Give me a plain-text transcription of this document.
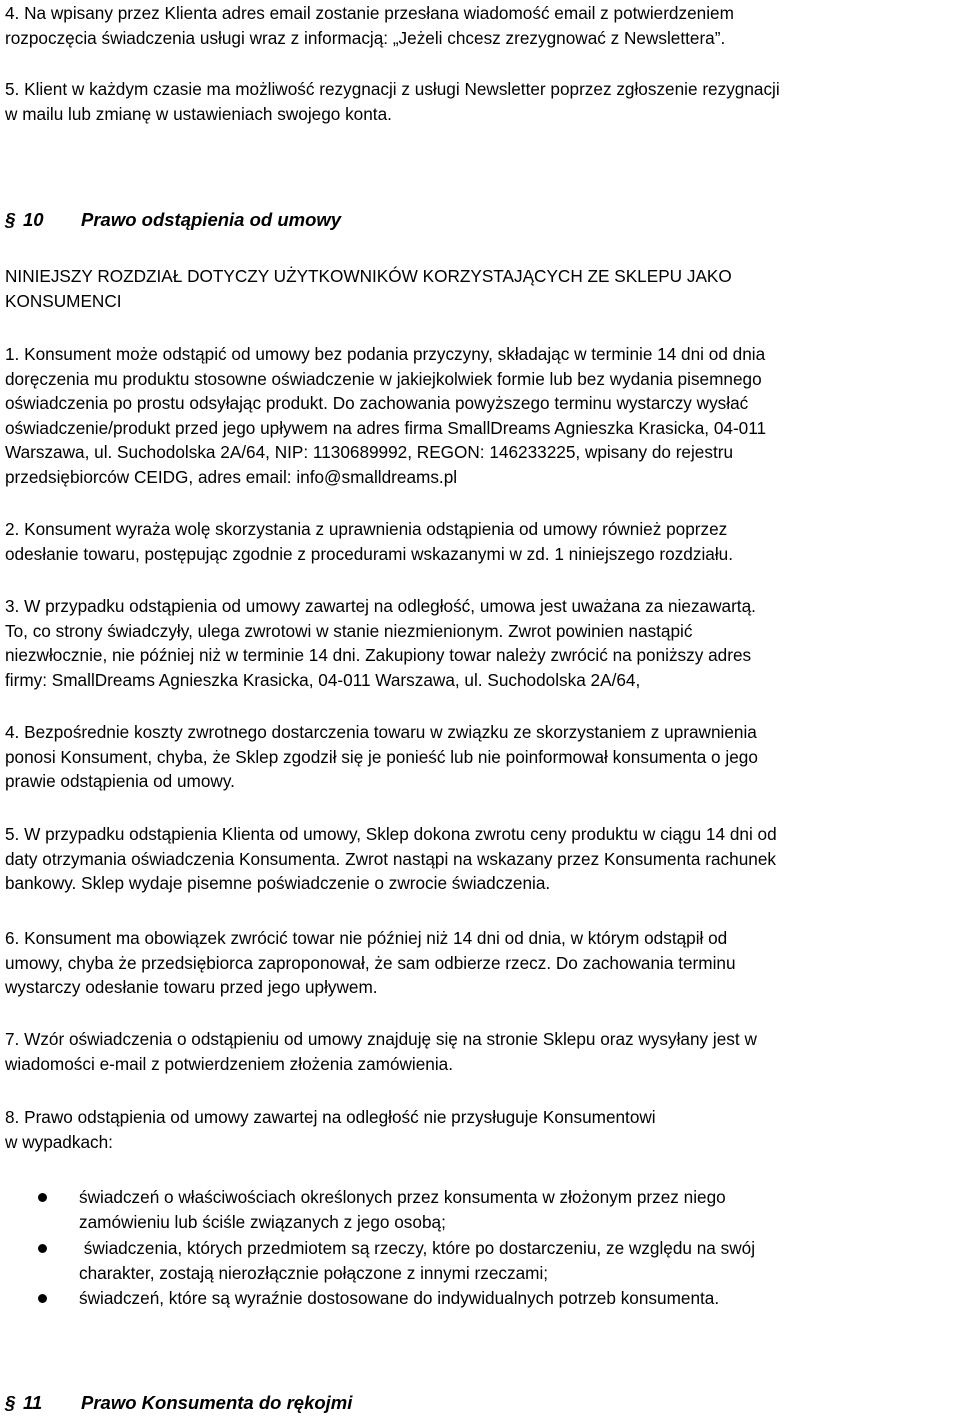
4. Na wpisany przez Klienta adres email zostanie przesłana wiadomość email z potwierdzeniem
rozpoczęcia świadczenia usługi wraz z informacją: „Jeżeli chcesz zrezygnować z Newslettera”.
5. Klient w każdym czasie ma możliwość rezygnacji z usługi Newsletter poprzez zgłoszenie rezygnacji
w mailu lub zmianę w ustawieniach swojego konta.
§ 10 Prawo odstąpienia od umowy
NINIEJSZY ROZDZIAŁ DOTYCZY UŻYTKOWNIKÓW KORZYSTAJĄCYCH ZE SKLEPU JAKO
KONSUMENCI
1. Konsument może odstąpić od umowy bez podania przyczyny, składając w terminie 14 dni od dnia
doręczenia mu produktu stosowne oświadczenie w jakiejkolwiek formie lub bez wydania pisemnego
oświadczenia po prostu odsyłając produkt. Do zachowania powyższego terminu wystarczy wysłać
oświadczenie/produkt przed jego upływem na adres firma SmallDreams Agnieszka Krasicka, 04-011
Warszawa, ul. Suchodolska 2A/64, NIP: 1130689992, REGON: 146233225, wpisany do rejestru
przedsiębiorców CEIDG, adres email: info@smalldreams.pl
2. Konsument wyraża wolę skorzystania z uprawnienia odstąpienia od umowy również poprzez
odesłanie towaru, postępując zgodnie z procedurami wskazanymi w zd. 1 niniejszego rozdziału.
3. W przypadku odstąpienia od umowy zawartej na odległość, umowa jest uważana za niezawartą.
To, co strony świadczyły, ulega zwrotowi w stanie niezmienionym. Zwrot powinien nastąpić
niezwłocznie, nie później niż w terminie 14 dni. Zakupiony towar należy zwrócić na poniższy adres
firmy: SmallDreams Agnieszka Krasicka, 04-011 Warszawa, ul. Suchodolska 2A/64,
4. Bezpośrednie koszty zwrotnego dostarczenia towaru w związku ze skorzystaniem z uprawnienia
ponosi Konsument, chyba, że Sklep zgodził się je ponieść lub nie poinformował konsumenta o jego
prawie odstąpienia od umowy.
5. W przypadku odstąpienia Klienta od umowy, Sklep dokona zwrotu ceny produktu w ciągu 14 dni od
daty otrzymania oświadczenia Konsumenta. Zwrot nastąpi na wskazany przez Konsumenta rachunek
bankowy. Sklep wydaje pisemne poświadczenie o zwrocie świadczenia.
6. Konsument ma obowiązek zwrócić towar nie później niż 14 dni od dnia, w którym odstąpił od
umowy, chyba że przedsiębiorca zaproponował, że sam odbierze rzecz. Do zachowania terminu
wystarczy odesłanie towaru przed jego upływem.
7. Wzór oświadczenia o odstąpieniu od umowy znajduję się na stronie Sklepu oraz wysyłany jest w
wiadomości e-mail z potwierdzeniem złożenia zamówienia.
8. Prawo odstąpienia od umowy zawartej na odległość nie przysługuje Konsumentowi
w wypadkach:
świadczeń o właściwościach określonych przez konsumenta w złożonym przez niego
zamówieniu lub ściśle związanych z jego osobą;
świadczenia, których przedmiotem są rzeczy, które po dostarczeniu, ze względu na swój
charakter, zostają nierozłącznie połączone z innymi rzeczami;
świadczeń, które są wyraźnie dostosowane do indywidualnych potrzeb konsumenta.
§ 11 Prawo Konsumenta do rękojmi
